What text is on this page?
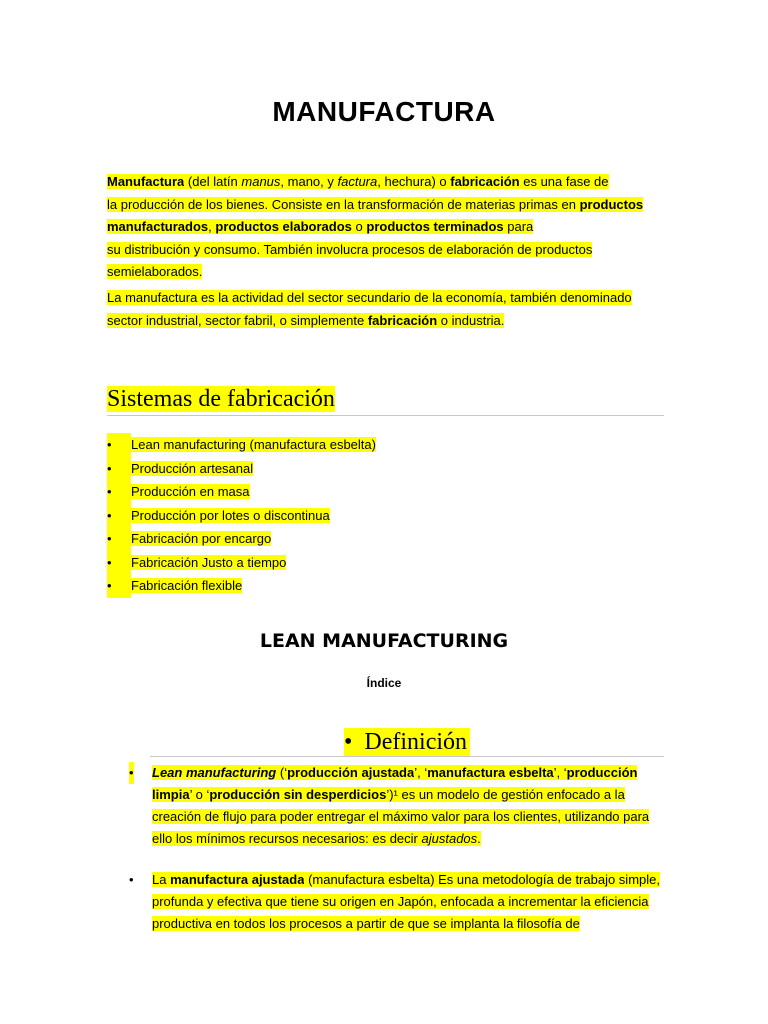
MANUFACTURA
Manufactura (del latín manus, mano, y factura, hechura) o fabricación es una fase de
la producción de los bienes. Consiste en la transformación de materias primas en productos manufacturados, productos elaborados o productos terminados para
su distribución y consumo. También involucra procesos de elaboración de productos semielaborados.
La manufactura es la actividad del sector secundario de la economía, también denominado sector industrial, sector fabril, o simplemente fabricación o industria.
Sistemas de fabricación
•	Lean manufacturing (manufactura esbelta)
•	Producción artesanal
•	Producción en masa
•	Producción por lotes o discontinua
•	Fabricación por encargo
•	Fabricación Justo a tiempo
•	Fabricación flexible
LEAN MANUFACTURING
Índice
• Definición
• Lean manufacturing (‘producción ajustada’, ‘manufactura esbelta’, ‘producción limpia’ o ‘producción sin desperdicios’)¹ es un modelo de gestión enfocado a la creación de flujo para poder entregar el máximo valor para los clientes, utilizando para ello los mínimos recursos necesarios: es decir ajustados.
• La manufactura ajustada (manufactura esbelta) Es una metodología de trabajo simple, profunda y efectiva que tiene su origen en Japón, enfocada a incrementar la eficiencia productiva en todos los procesos a partir de que se implanta la filosofía de
